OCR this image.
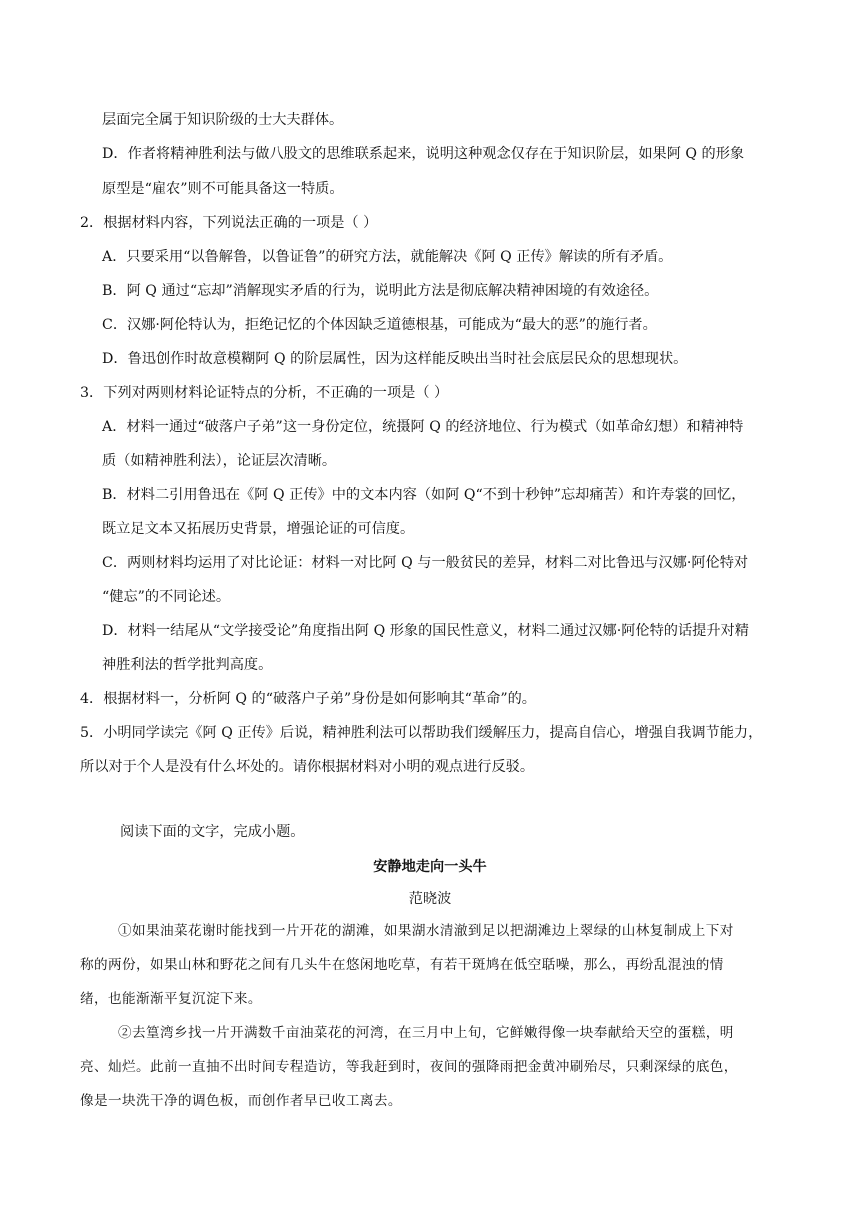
层面完全属于知识阶级的士大夫群体。
D．作者将精神胜利法与做八股文的思维联系起来，说明这种观念仅存在于知识阶层，如果阿 Q 的形象
原型是“雇农”则不可能具备这一特质。
2．根据材料内容，下列说法正确的一项是（ ）
A．只要采用“以鲁解鲁，以鲁证鲁”的研究方法，就能解决《阿 Q 正传》解读的所有矛盾。
B．阿 Q 通过“忘却”消解现实矛盾的行为，说明此方法是彻底解决精神困境的有效途径。
C．汉娜·阿伦特认为，拒绝记忆的个体因缺乏道德根基，可能成为“最大的恶”的施行者。
D．鲁迅创作时故意模糊阿 Q 的阶层属性，因为这样能反映出当时社会底层民众的思想现状。
3．下列对两则材料论证特点的分析，不正确的一项是（ ）
A．材料一通过“破落户子弟”这一身份定位，统摄阿 Q 的经济地位、行为模式（如革命幻想）和精神特
质（如精神胜利法），论证层次清晰。
B．材料二引用鲁迅在《阿 Q 正传》中的文本内容（如阿 Q“不到十秒钟”忘却痛苦）和许寿裳的回忆，
既立足文本又拓展历史背景，增强论证的可信度。
C．两则材料均运用了对比论证：材料一对比阿 Q 与一般贫民的差异，材料二对比鲁迅与汉娜·阿伦特对
“健忘”的不同论述。
D．材料一结尾从“文学接受论”角度指出阿 Q 形象的国民性意义，材料二通过汉娜·阿伦特的话提升对精
神胜利法的哲学批判高度。
4．根据材料一，分析阿 Q 的“破落户子弟”身份是如何影响其“革命”的。
5．小明同学读完《阿 Q 正传》后说，精神胜利法可以帮助我们缓解压力，提高自信心，增强自我调节能力，
所以对于个人是没有什么坏处的。请你根据材料对小明的观点进行反驳。
阅读下面的文字，完成小题。
安静地走向一头牛
范晓波
①如果油菜花谢时能找到一片开花的湖滩，如果湖水清澈到足以把湖滩边上翠绿的山林复制成上下对
称的两份，如果山林和野花之间有几头牛在悠闲地吃草，有若干斑鸠在低空聒噪，那么，再纷乱混浊的情
绪，也能渐渐平复沉淀下来。
②去篁湾乡找一片开满数千亩油菜花的河湾，在三月中上旬，它鲜嫩得像一块奉献给天空的蛋糕，明
亮、灿烂。此前一直抽不出时间专程造访，等我赶到时，夜间的强降雨把金黄冲刷殆尽，只剩深绿的底色，
像是一块洗干净的调色板，而创作者早已收工离去。
